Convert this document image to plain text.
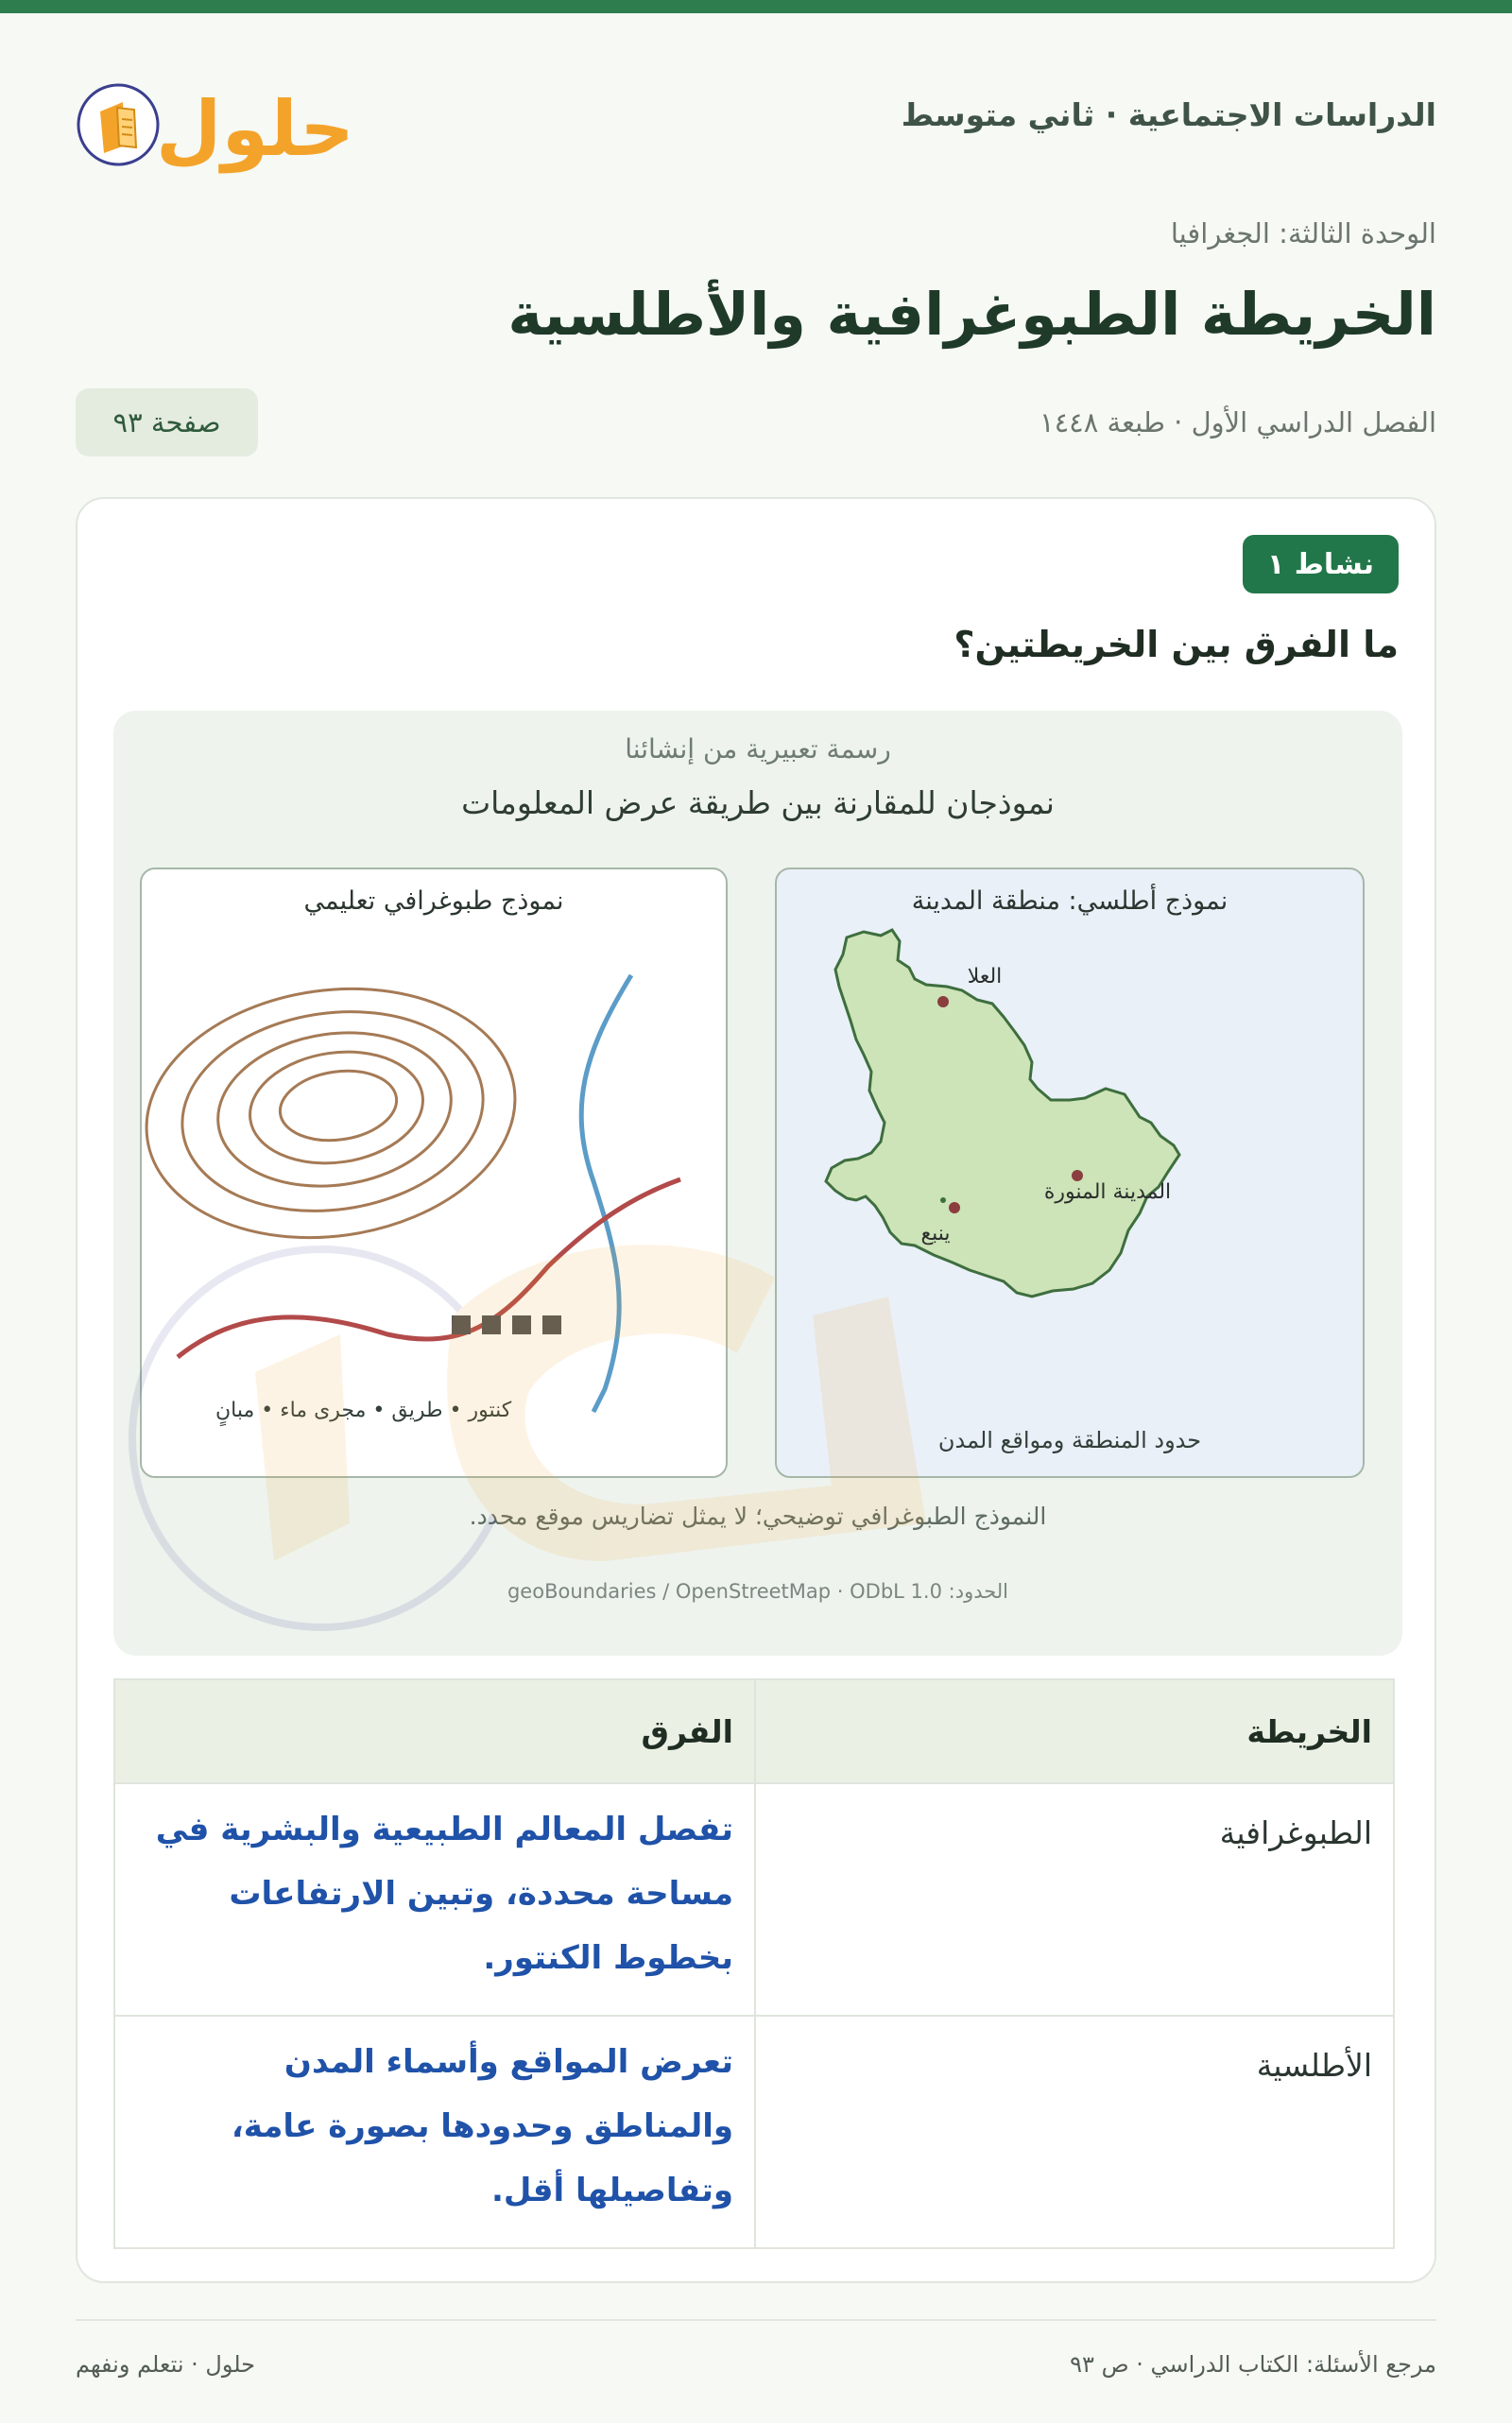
الدراسات الاجتماعية · ثاني متوسط
حلول
الوحدة الثالثة: الجغرافيا
الخريطة الطبوغرافية والأطلسية
الفصل الدراسي الأول · طبعة ١٤٤٨
صفحة ٩٣
نشاط ١
ما الفرق بين الخريطتين؟
رسمة تعبيرية من إنشائنا
نموذجان للمقارنة بين طريقة عرض المعلومات
العلا
المدينة المنورة
ينبع
نموذج أطلسي: منطقة المدينة
حدود المنطقة ومواقع المدن
نموذج طبوغرافي تعليمي
كنتور • طريق • مجرى ماء • مبانٍ
النموذج الطبوغرافي توضيحي؛ لا يمثل تضاريس موقع محدد.
الحدود: geoBoundaries / OpenStreetMap · ODbL 1.0
الخريطة	الفرق
الطبوغرافية	تفصل المعالم الطبيعية والبشرية في مساحة محددة، وتبين الارتفاعات بخطوط الكنتور.
الأطلسية	تعرض المواقع وأسماء المدن والمناطق وحدودها بصورة عامة، وتفاصيلها أقل.
مرجع الأسئلة: الكتاب الدراسي · ص ٩٣
حلول · نتعلم ونفهم
